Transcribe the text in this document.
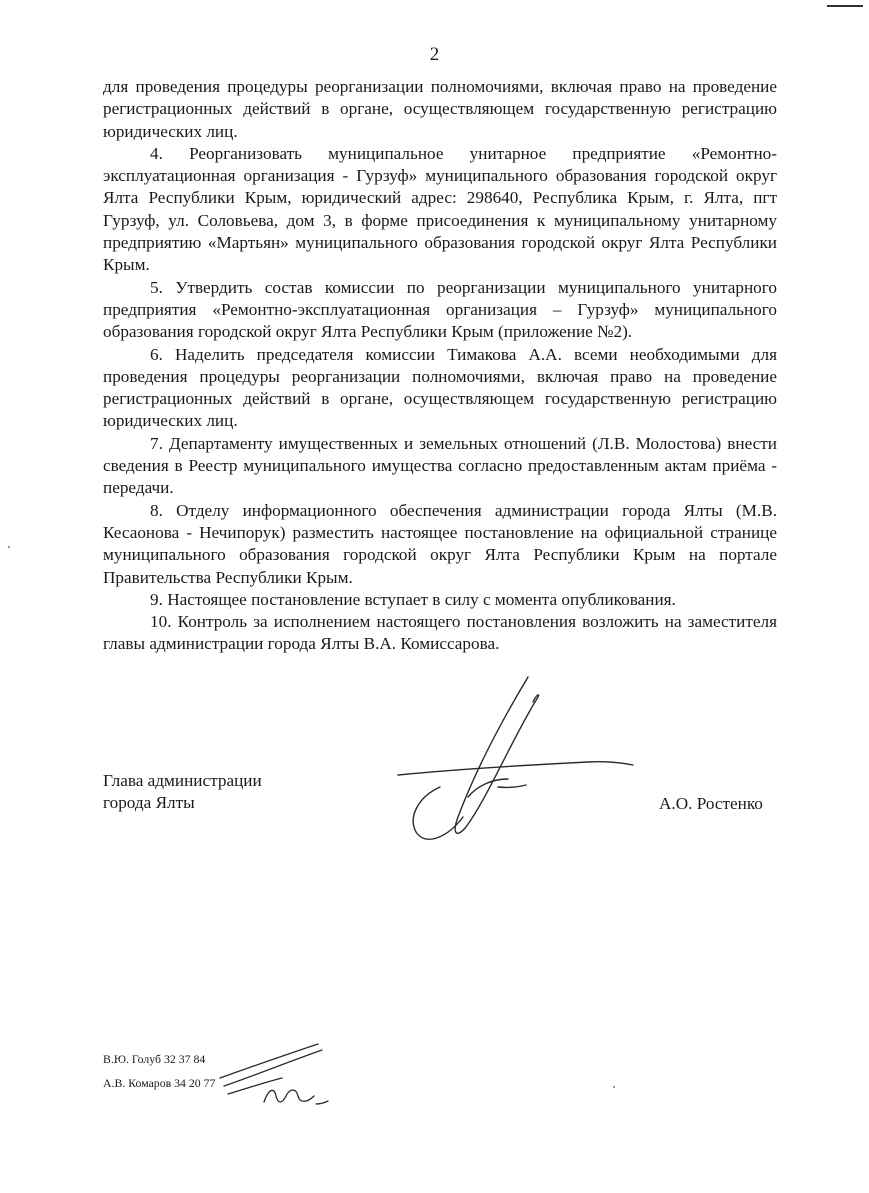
2

для проведения процедуры реорганизации полномочиями, включая право на проведение регистрационных действий в органе, осуществляющем государственную регистрацию юридических лиц.

4. Реорганизовать муниципальное унитарное предприятие «Ремонтно-эксплуатационная организация - Гурзуф» муниципального образования городской округ Ялта Республики Крым, юридический адрес: 298640, Республика Крым, г. Ялта, пгт Гурзуф, ул. Соловьева, дом 3, в форме присоединения к муниципальному унитарному предприятию «Мартьян» муниципального образования городской округ Ялта Республики Крым.

5. Утвердить состав комиссии по реорганизации муниципального унитарного предприятия «Ремонтно-эксплуатационная организация – Гурзуф» муниципального образования городской округ Ялта Республики Крым (приложение №2).

6. Наделить председателя комиссии Тимакова А.А. всеми необходимыми для проведения процедуры реорганизации полномочиями, включая право на проведение регистрационных действий в органе, осуществляющем государственную регистрацию юридических лиц.

7. Департаменту имущественных и земельных отношений (Л.В. Молостова) внести сведения в Реестр муниципального имущества согласно предоставленным актам приёма - передачи.

8. Отделу информационного обеспечения администрации города Ялты (М.В. Кесаонова - Нечипорук) разместить настоящее постановление на официальной странице муниципального образования городской округ Ялта Республики Крым на портале Правительства Республики Крым.

9. Настоящее постановление вступает в силу с момента опубликования.

10. Контроль за исполнением настоящего постановления возложить на заместителя главы администрации города Ялты В.А. Комиссарова.

Глава администрации
города Ялты	А.О. Ростенко
В.Ю. Голуб 32 37 84
А.В. Комаров 34 20 77
